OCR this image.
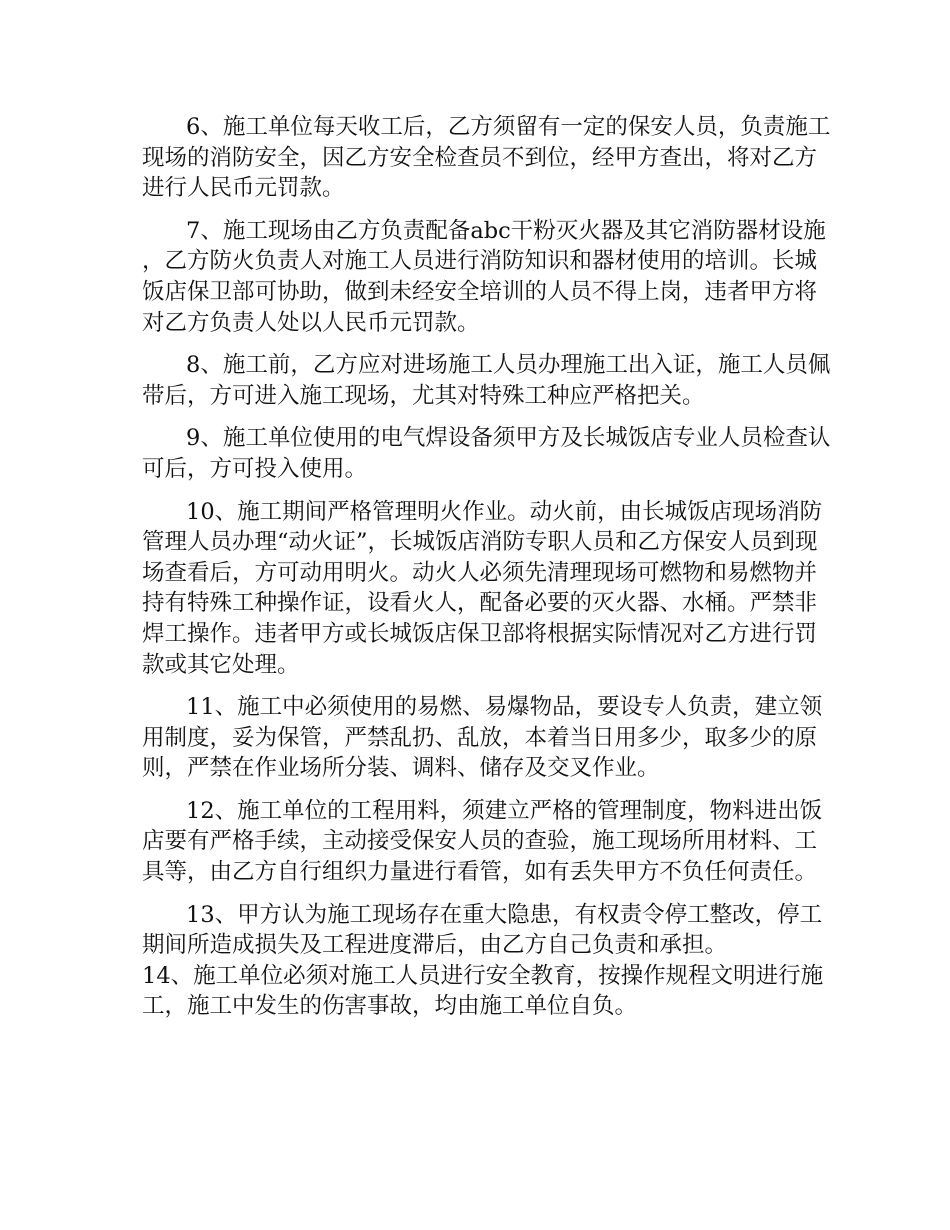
6、施工单位每天收工后，乙方须留有一定的保安人员，负责施工现场的消防安全，因乙方安全检查员不到位，经甲方查出，将对乙方进行人民币元罚款。

7、施工现场由乙方负责配备abc干粉灭火器及其它消防器材设施，乙方防火负责人对施工人员进行消防知识和器材使用的培训。长城饭店保卫部可协助，做到未经安全培训的人员不得上岗，违者甲方将对乙方负责人处以人民币元罚款。

8、施工前，乙方应对进场施工人员办理施工出入证，施工人员佩带后，方可进入施工现场，尤其对特殊工种应严格把关。

9、施工单位使用的电气焊设备须甲方及长城饭店专业人员检查认可后，方可投入使用。

10、施工期间严格管理明火作业。动火前，由长城饭店现场消防管理人员办理“动火证”，长城饭店消防专职人员和乙方保安人员到现场查看后，方可动用明火。动火人必须先清理现场可燃物和易燃物并持有特殊工种操作证，设看火人，配备必要的灭火器、水桶。严禁非焊工操作。违者甲方或长城饭店保卫部将根据实际情况对乙方进行罚款或其它处理。

11、施工中必须使用的易燃、易爆物品，要设专人负责，建立领用制度，妥为保管，严禁乱扔、乱放，本着当日用多少，取多少的原则，严禁在作业场所分装、调料、储存及交叉作业。

12、施工单位的工程用料，须建立严格的管理制度，物料进出饭店要有严格手续，主动接受保安人员的查验，施工现场所用材料、工具等，由乙方自行组织力量进行看管，如有丢失甲方不负任何责任。

13、甲方认为施工现场存在重大隐患，有权责令停工整改，停工期间所造成损失及工程进度滞后，由乙方自己负责和承担。

14、施工单位必须对施工人员进行安全教育，按操作规程文明进行施工，施工中发生的伤害事故，均由施工单位自负。
